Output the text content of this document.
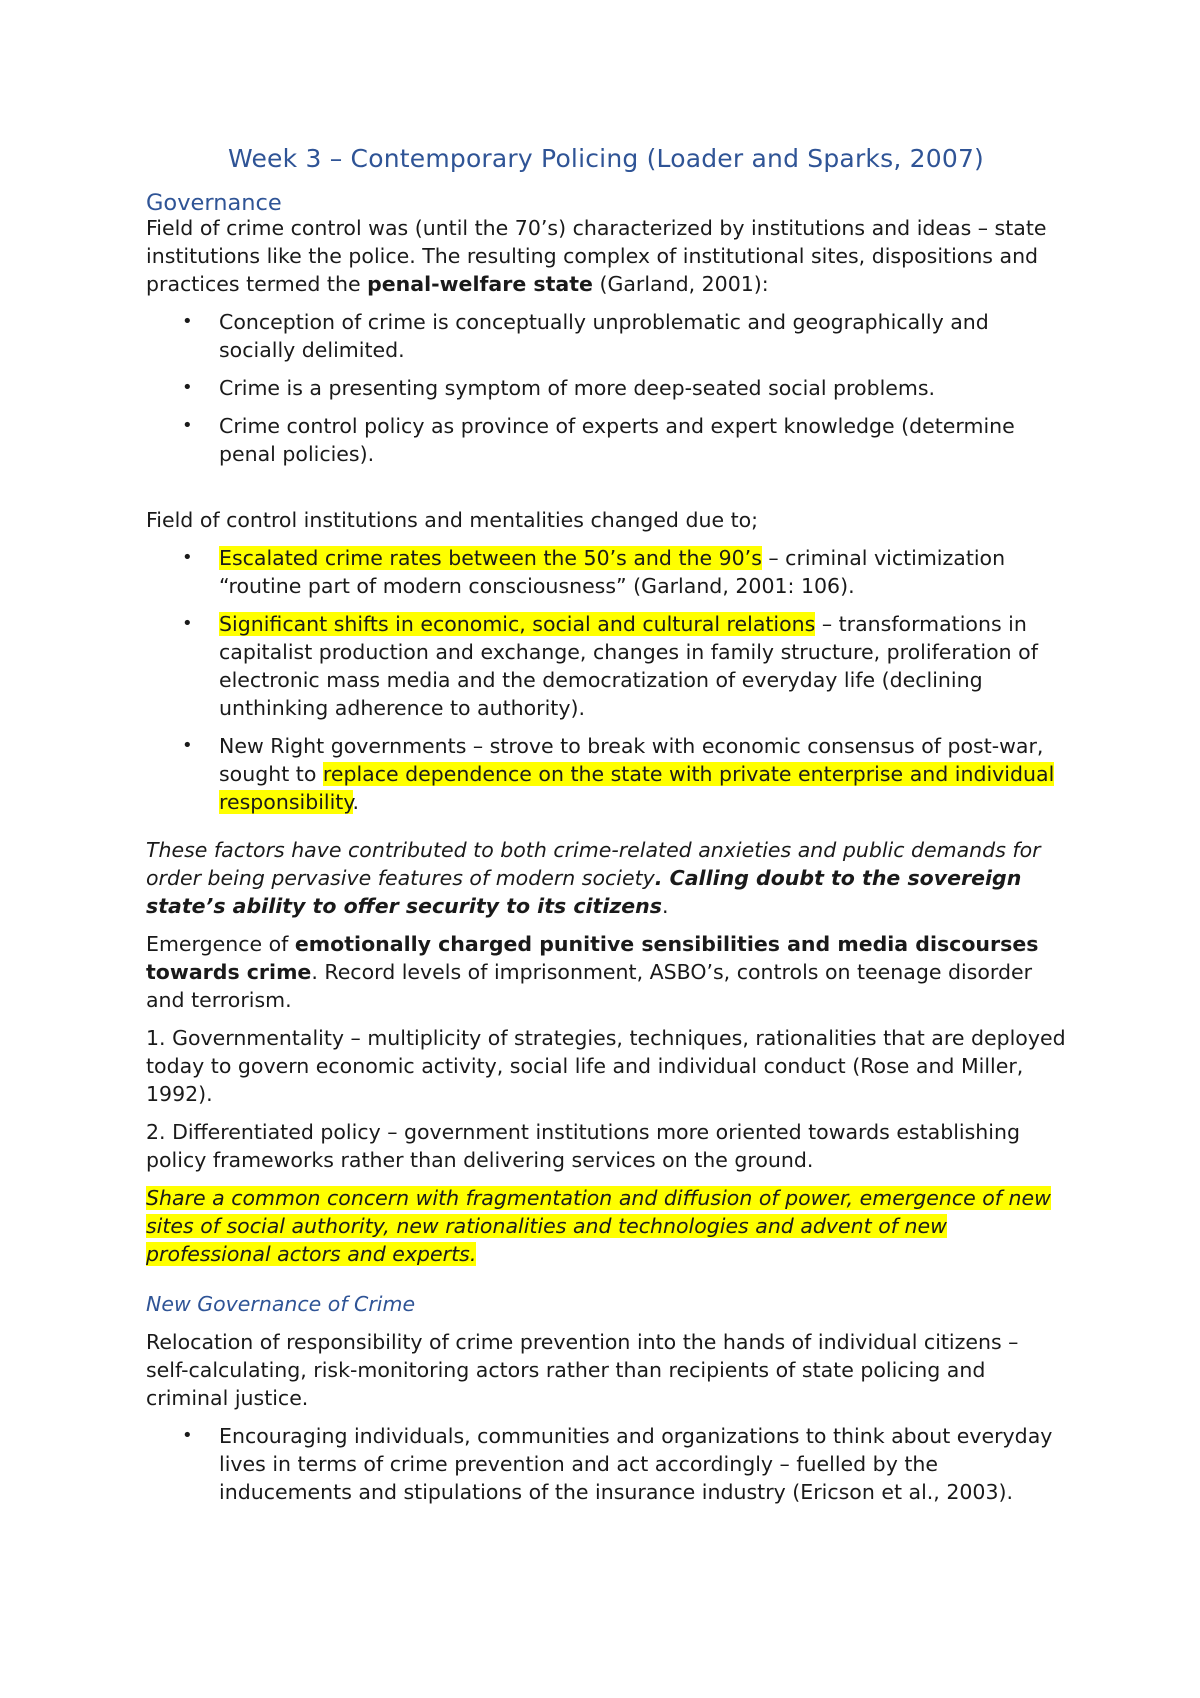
Week 3 – Contemporary Policing (Loader and Sparks, 2007)
Governance

Field of crime control was (until the 70’s) characterized by institutions and ideas – state institutions like the police. The resulting complex of institutional sites, dispositions and practices termed the penal-welfare state (Garland, 2001):

• Conception of crime is conceptually unproblematic and geographically and socially delimited.
• Crime is a presenting symptom of more deep-seated social problems.
• Crime control policy as province of experts and expert knowledge (determine penal policies).

Field of control institutions and mentalities changed due to;

• Escalated crime rates between the 50’s and the 90’s – criminal victimization “routine part of modern consciousness” (Garland, 2001: 106).
• Significant shifts in economic, social and cultural relations – transformations in capitalist production and exchange, changes in family structure, proliferation of electronic mass media and the democratization of everyday life (declining unthinking adherence to authority).
• New Right governments – strove to break with economic consensus of post-war, sought to replace dependence on the state with private enterprise and individual responsibility.

These factors have contributed to both crime-related anxieties and public demands for order being pervasive features of modern society. Calling doubt to the sovereign state’s ability to offer security to its citizens.

Emergence of emotionally charged punitive sensibilities and media discourses towards crime. Record levels of imprisonment, ASBO’s, controls on teenage disorder and terrorism.

1. Governmentality – multiplicity of strategies, techniques, rationalities that are deployed today to govern economic activity, social life and individual conduct (Rose and Miller, 1992).

2. Differentiated policy – government institutions more oriented towards establishing policy frameworks rather than delivering services on the ground.

Share a common concern with fragmentation and diffusion of power, emergence of new sites of social authority, new rationalities and technologies and advent of new professional actors and experts.

New Governance of Crime

Relocation of responsibility of crime prevention into the hands of individual citizens – self-calculating, risk-monitoring actors rather than recipients of state policing and criminal justice.

• Encouraging individuals, communities and organizations to think about everyday lives in terms of crime prevention and act accordingly – fuelled by the inducements and stipulations of the insurance industry (Ericson et al., 2003).
